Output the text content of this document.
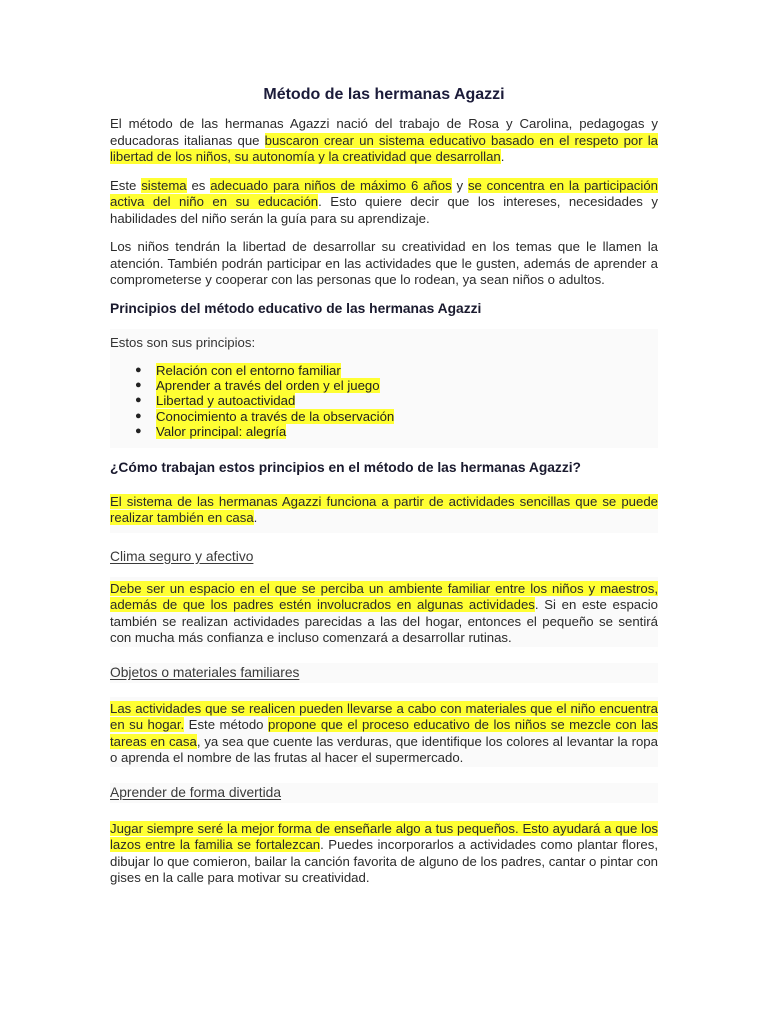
Método de las hermanas Agazzi

El método de las hermanas Agazzi nació del trabajo de Rosa y Carolina, pedagogas y educadoras italianas que buscaron crear un sistema educativo basado en el respeto por la libertad de los niños, su autonomía y la creatividad que desarrollan.

Este sistema es adecuado para niños de máximo 6 años y se concentra en la participación activa del niño en su educación. Esto quiere decir que los intereses, necesidades y habilidades del niño serán la guía para su aprendizaje.

Los niños tendrán la libertad de desarrollar su creatividad en los temas que le llamen la atención. También podrán participar en las actividades que le gusten, además de aprender a comprometerse y cooperar con las personas que lo rodean, ya sean niños o adultos.

Principios del método educativo de las hermanas Agazzi
Estos son sus principios:
● Relación con el entorno familiar
● Aprender a través del orden y el juego
● Libertad y autoactividad
● Conocimiento a través de la observación
● Valor principal: alegría
¿Cómo trabajan estos principios en el método de las hermanas Agazzi?

El sistema de las hermanas Agazzi funciona a partir de actividades sencillas que se puede realizar también en casa.

Clima seguro y afectivo

Debe ser un espacio en el que se perciba un ambiente familiar entre los niños y maestros, además de que los padres estén involucrados en algunas actividades. Si en este espacio también se realizan actividades parecidas a las del hogar, entonces el pequeño se sentirá con mucha más confianza e incluso comenzará a desarrollar rutinas.

Objetos o materiales familiares

Las actividades que se realicen pueden llevarse a cabo con materiales que el niño encuentra en su hogar. Este método propone que el proceso educativo de los niños se mezcle con las tareas en casa, ya sea que cuente las verduras, que identifique los colores al levantar la ropa o aprenda el nombre de las frutas al hacer el supermercado.

Aprender de forma divertida

Jugar siempre seré la mejor forma de enseñarle algo a tus pequeños. Esto ayudará a que los lazos entre la familia se fortalezcan. Puedes incorporarlos a actividades como plantar flores, dibujar lo que comieron, bailar la canción favorita de alguno de los padres, cantar o pintar con gises en la calle para motivar su creatividad.
